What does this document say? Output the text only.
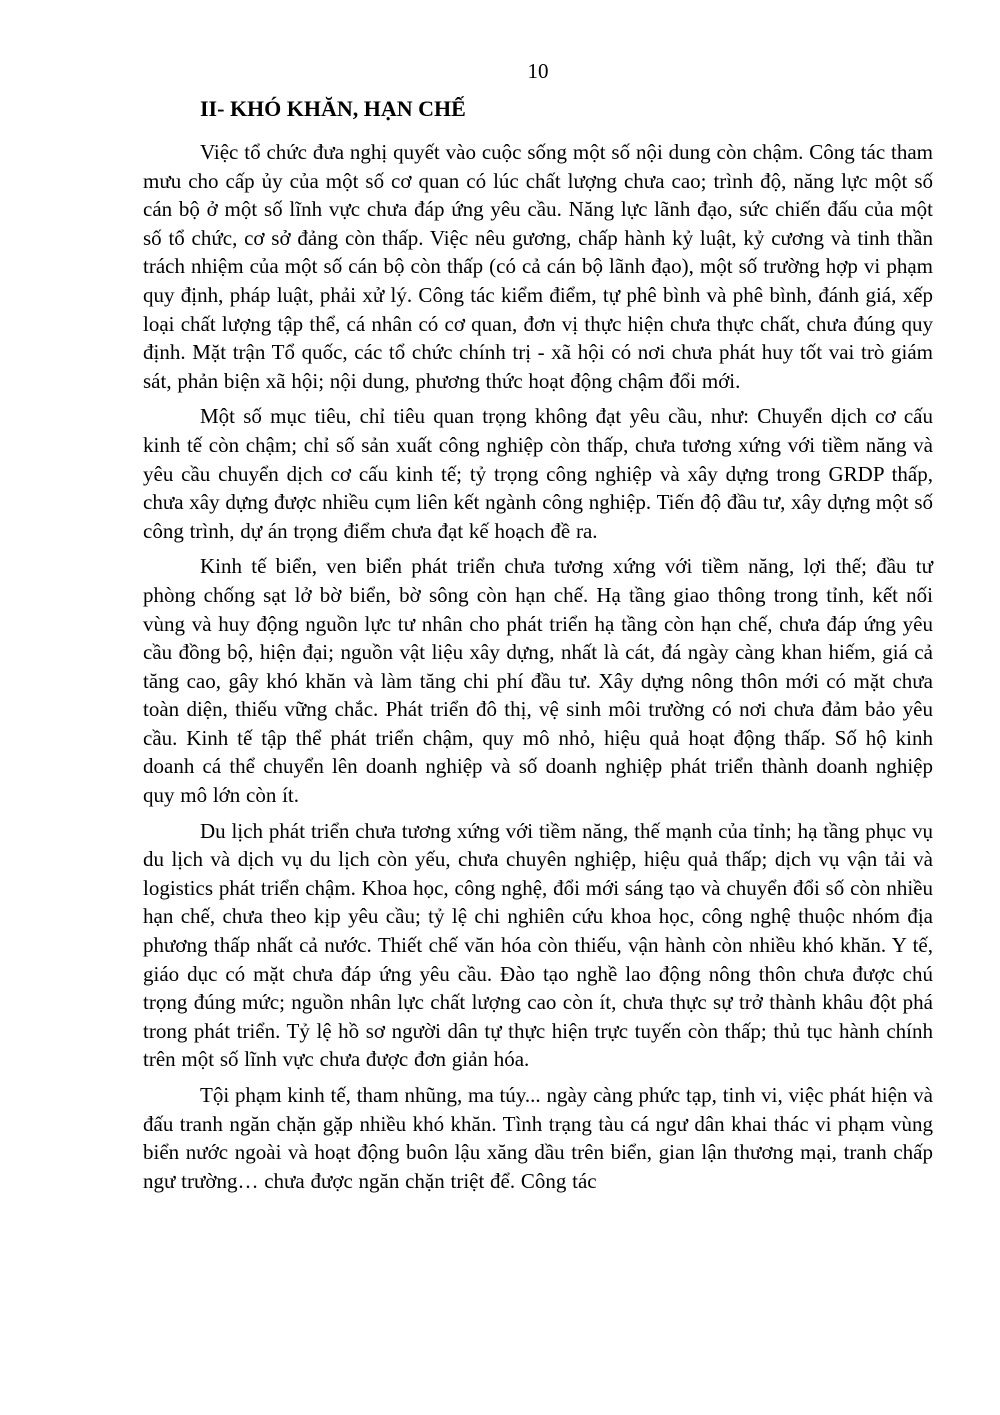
10
II- KHÓ KHĂN, HẠN CHẾ

Việc tổ chức đưa nghị quyết vào cuộc sống một số nội dung còn chậm. Công tác tham mưu cho cấp ủy của một số cơ quan có lúc chất lượng chưa cao; trình độ, năng lực một số cán bộ ở một số lĩnh vực chưa đáp ứng yêu cầu. Năng lực lãnh đạo, sức chiến đấu của một số tổ chức, cơ sở đảng còn thấp. Việc nêu gương, chấp hành kỷ luật, kỷ cương và tinh thần trách nhiệm của một số cán bộ còn thấp (có cả cán bộ lãnh đạo), một số trường hợp vi phạm quy định, pháp luật, phải xử lý. Công tác kiểm điểm, tự phê bình và phê bình, đánh giá, xếp loại chất lượng tập thể, cá nhân có cơ quan, đơn vị thực hiện chưa thực chất, chưa đúng quy định. Mặt trận Tổ quốc, các tổ chức chính trị - xã hội có nơi chưa phát huy tốt vai trò giám sát, phản biện xã hội; nội dung, phương thức hoạt động chậm đổi mới.

Một số mục tiêu, chỉ tiêu quan trọng không đạt yêu cầu, như: Chuyển dịch cơ cấu kinh tế còn chậm; chỉ số sản xuất công nghiệp còn thấp, chưa tương xứng với tiềm năng và yêu cầu chuyển dịch cơ cấu kinh tế; tỷ trọng công nghiệp và xây dựng trong GRDP thấp, chưa xây dựng được nhiều cụm liên kết ngành công nghiệp. Tiến độ đầu tư, xây dựng một số công trình, dự án trọng điểm chưa đạt kế hoạch đề ra.

Kinh tế biển, ven biển phát triển chưa tương xứng với tiềm năng, lợi thế; đầu tư phòng chống sạt lở bờ biển, bờ sông còn hạn chế. Hạ tầng giao thông trong tỉnh, kết nối vùng và huy động nguồn lực tư nhân cho phát triển hạ tầng còn hạn chế, chưa đáp ứng yêu cầu đồng bộ, hiện đại; nguồn vật liệu xây dựng, nhất là cát, đá ngày càng khan hiếm, giá cả tăng cao, gây khó khăn và làm tăng chi phí đầu tư. Xây dựng nông thôn mới có mặt chưa toàn diện, thiếu vững chắc. Phát triển đô thị, vệ sinh môi trường có nơi chưa đảm bảo yêu cầu. Kinh tế tập thể phát triển chậm, quy mô nhỏ, hiệu quả hoạt động thấp. Số hộ kinh doanh cá thể chuyển lên doanh nghiệp và số doanh nghiệp phát triển thành doanh nghiệp quy mô lớn còn ít.

Du lịch phát triển chưa tương xứng với tiềm năng, thế mạnh của tỉnh; hạ tầng phục vụ du lịch và dịch vụ du lịch còn yếu, chưa chuyên nghiệp, hiệu quả thấp; dịch vụ vận tải và logistics phát triển chậm. Khoa học, công nghệ, đổi mới sáng tạo và chuyển đổi số còn nhiều hạn chế, chưa theo kịp yêu cầu; tỷ lệ chi nghiên cứu khoa học, công nghệ thuộc nhóm địa phương thấp nhất cả nước. Thiết chế văn hóa còn thiếu, vận hành còn nhiều khó khăn. Y tế, giáo dục có mặt chưa đáp ứng yêu cầu. Đào tạo nghề lao động nông thôn chưa được chú trọng đúng mức; nguồn nhân lực chất lượng cao còn ít, chưa thực sự trở thành khâu đột phá trong phát triển. Tỷ lệ hồ sơ người dân tự thực hiện trực tuyến còn thấp; thủ tục hành chính trên một số lĩnh vực chưa được đơn giản hóa.

Tội phạm kinh tế, tham nhũng, ma túy... ngày càng phức tạp, tinh vi, việc phát hiện và đấu tranh ngăn chặn gặp nhiều khó khăn. Tình trạng tàu cá ngư dân khai thác vi phạm vùng biển nước ngoài và hoạt động buôn lậu xăng dầu trên biển, gian lận thương mại, tranh chấp ngư trường… chưa được ngăn chặn triệt để. Công tác
